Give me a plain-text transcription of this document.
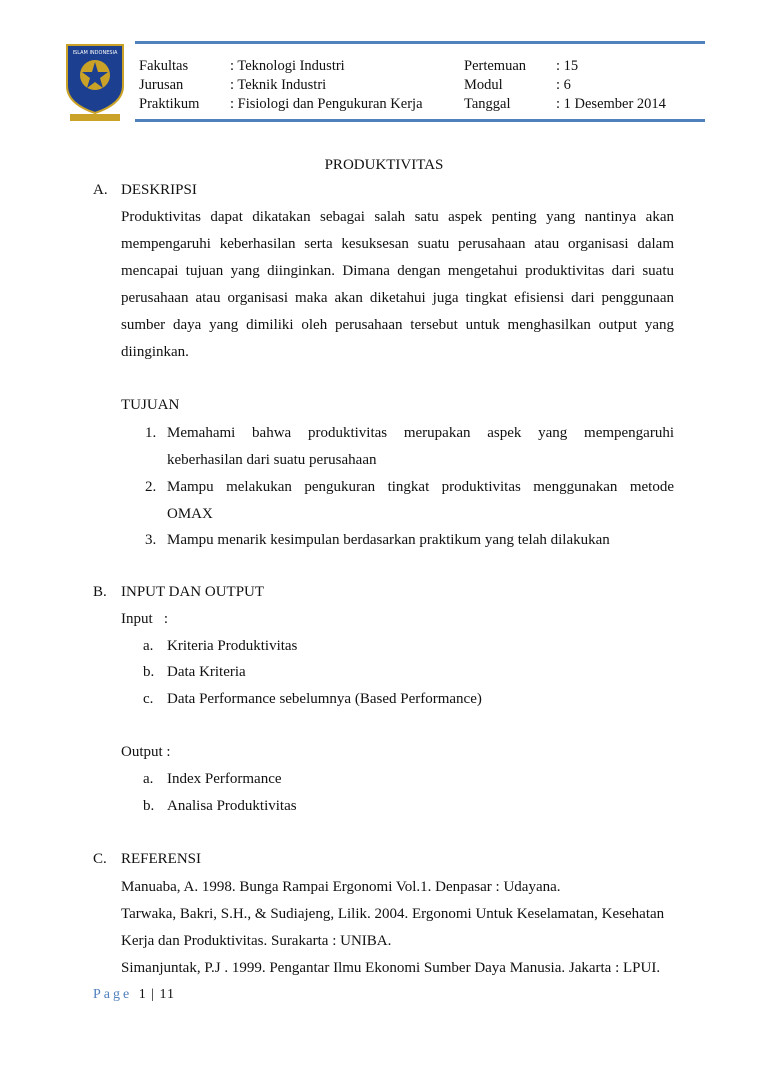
ISLAM INDONESIA
Fakultas	: Teknologi Industri	Pertemuan : 15
Jurusan	: Teknik Industri	Modul	: 6
Praktikum : Fisiologi dan Pengukuran Kerja	Tanggal	: 1 Desember 2014
PRODUKTIVITAS
A. DESKRIPSI
Produktivitas dapat dikatakan sebagai salah satu aspek penting yang nantinya akan
mempengaruhi keberhasilan serta kesuksesan suatu perusahaan atau organisasi dalam
mencapai tujuan yang diinginkan. Dimana dengan mengetahui produktivitas dari suatu
perusahaan atau organisasi maka akan diketahui juga tingkat efisiensi dari penggunaan
sumber daya yang dimiliki oleh perusahaan tersebut untuk menghasilkan output yang
diinginkan.
TUJUAN
1. Memahami bahwa produktivitas merupakan aspek yang mempengaruhi
keberhasilan dari suatu perusahaan
2. Mampu melakukan pengukuran tingkat produktivitas menggunakan metode
OMAX
3. Mampu menarik kesimpulan berdasarkan praktikum yang telah dilakukan
B. INPUT DAN OUTPUT
Input   :
a. Kriteria Produktivitas
b. Data Kriteria
c. Data Performance sebelumnya (Based Performance)
Output :
a. Index Performance
b. Analisa Produktivitas
C. REFERENSI
Manuaba, A. 1998. Bunga Rampai Ergonomi Vol.1. Denpasar : Udayana.
Tarwaka, Bakri, S.H., & Sudiajeng, Lilik. 2004. Ergonomi Untuk Keselamatan, Kesehatan
Kerja dan Produktivitas. Surakarta : UNIBA.
Simanjuntak, P.J . 1999. Pengantar Ilmu Ekonomi Sumber Daya Manusia. Jakarta : LPUI.
Page 1 | 11
